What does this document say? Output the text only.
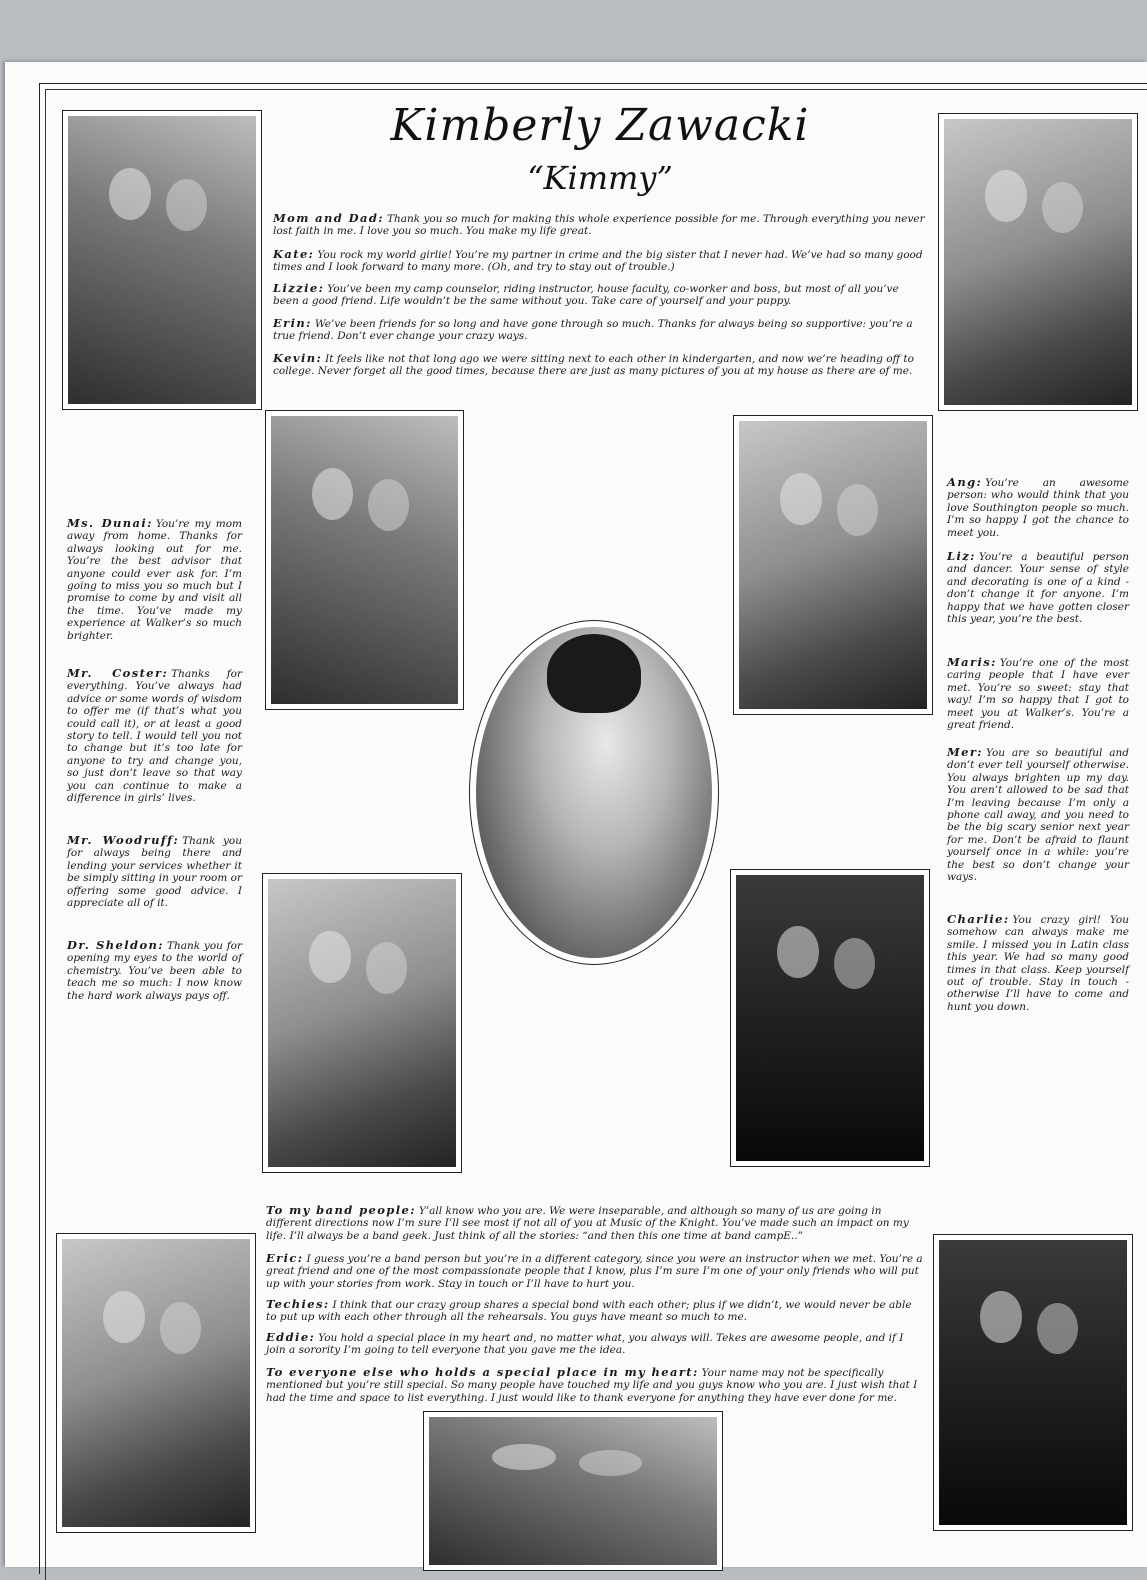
Kimberly Zawacki
“Kimmy”

Mom and Dad: Thank you so much for making this whole experience possible for me. Through everything you never lost faith in me. I love you so much. You make my life great.

Kate: You rock my world girlie! You’re my partner in crime and the big sister that I never had. We’ve had so many good times and I look forward to many more. (Oh, and try to stay out of trouble.)

Lizzie: You’ve been my camp counselor, riding instructor, house faculty, co-worker and boss, but most of all you’ve been a good friend. Life wouldn’t be the same without you. Take care of yourself and your puppy.

Erin: We’ve been friends for so long and have gone through so much. Thanks for always being so supportive: you’re a true friend. Don’t ever change your crazy ways.

Kevin: It feels like not that long ago we were sitting next to each other in kindergarten, and now we’re heading off to college. Never forget all the good times, because there are just as many pictures of you at my house as there are of me.

Ms. Dunai: You’re my mom away from home. Thanks for always looking out for me. You’re the best advisor that anyone could ever ask for. I’m going to miss you so much but I promise to come by and visit all the time. You’ve made my experience at Walker’s so much brighter.

Mr. Coster: Thanks for everything. You’ve always had advice or some words of wisdom to offer me (if that’s what you could call it), or at least a good story to tell. I would tell you not to change but it’s too late for anyone to try and change you, so just don’t leave so that way you can continue to make a difference in girls’ lives.

Mr. Woodruff: Thank you for always being there and lending your services whether it be simply sitting in your room or offering some good advice. I appreciate all of it.

Dr. Sheldon: Thank you for opening my eyes to the world of chemistry. You’ve been able to teach me so much: I now know the hard work always pays off.

Ang: You’re an awesome person: who would think that you love Southington people so much. I’m so happy I got the chance to meet you.

Liz: You’re a beautiful person and dancer. Your sense of style and decorating is one of a kind - don’t change it for anyone. I’m happy that we have gotten closer this year, you’re the best.

Maris: You’re one of the most caring people that I have ever met. You’re so sweet: stay that way! I’m so happy that I got to meet you at Walker’s. You’re a great friend.

Mer: You are so beautiful and don’t ever tell yourself otherwise. You always brighten up my day. You aren’t allowed to be sad that I’m leaving because I’m only a phone call away, and you need to be the big scary senior next year for me. Don’t be afraid to flaunt yourself once in a while: you’re the best so don’t change your ways.

Charlie: You crazy girl! You somehow can always make me smile. I missed you in Latin class this year. We had so many good times in that class. Keep yourself out of trouble. Stay in touch - otherwise I’ll have to come and hunt you down.

To my band people: Y’all know who you are. We were inseparable, and although so many of us are going in different directions now I’m sure I’ll see most if not all of you at Music of the Knight. You’ve made such an impact on my life. I’ll always be a band geek. Just think of all the stories: “and then this one time at band campE..”

Eric: I guess you’re a band person but you’re in a different category, since you were an instructor when we met. You’re a great friend and one of the most compassionate people that I know, plus I’m sure I’m one of your only friends who will put up with your stories from work. Stay in touch or I’ll have to hurt you.

Techies: I think that our crazy group shares a special bond with each other; plus if we didn’t, we would never be able to put up with each other through all the rehearsals. You guys have meant so much to me.

Eddie: You hold a special place in my heart and, no matter what, you always will. Tekes are awesome people, and if I join a sorority I’m going to tell everyone that you gave me the idea.

To everyone else who holds a special place in my heart: Your name may not be specifically mentioned but you’re still special. So many people have touched my life and you guys know who you are. I just wish that I had the time and space to list everything. I just would like to thank everyone for anything they have ever done for me.
